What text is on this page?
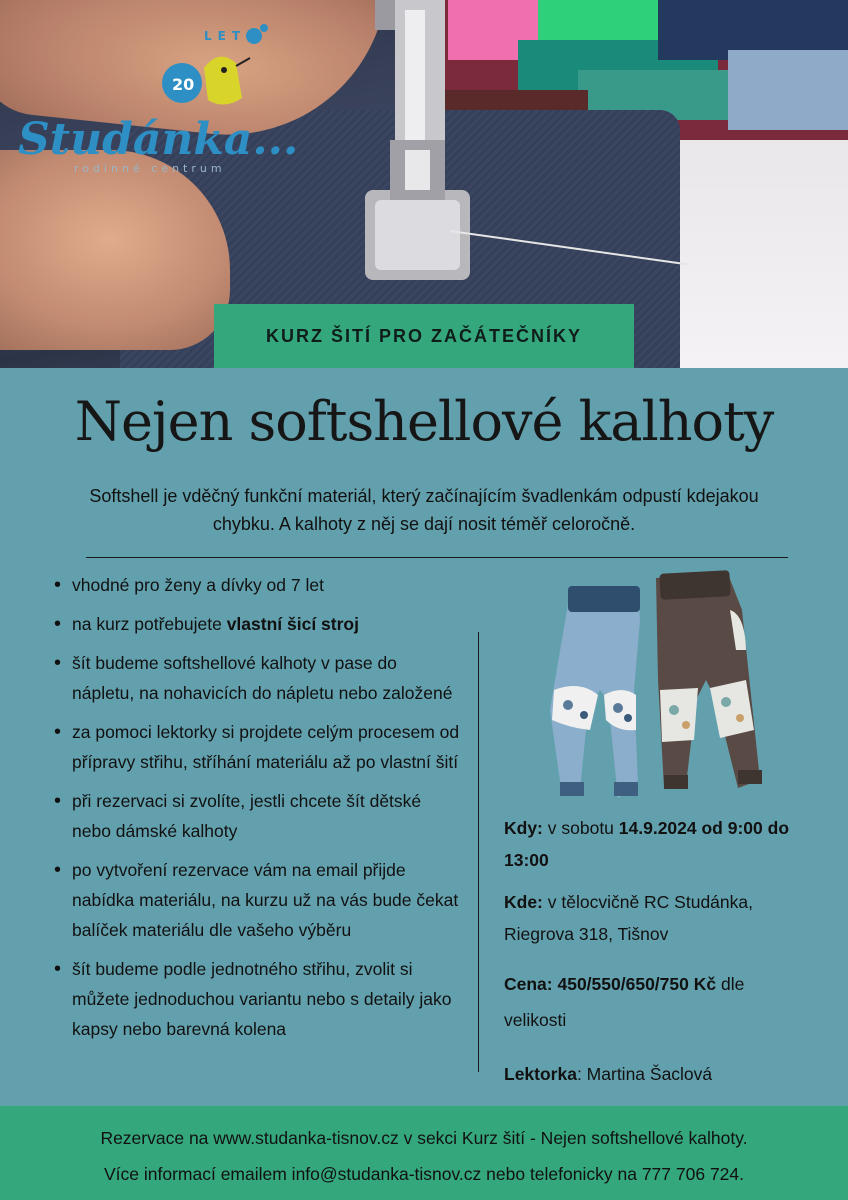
20
LET
Studánka...
rodinné centrum
KURZ ŠITÍ PRO ZAČÁTEČNÍKY
Nejen softshellové kalhoty

Softshell je vděčný funkční materiál, který začínajícím švadlenkám odpustí kdejakou chybku. A kalhoty z něj se dají nosit téměř celoročně.

• vhodné pro ženy a dívky od 7 let
• na kurz potřebujete vlastní šicí stroj
• šít budeme softshellové kalhoty v pase do nápletu, na nohavicích do nápletu nebo založené
• za pomoci lektorky si projdete celým procesem od přípravy střihu, stříhání materiálu až po vlastní šití
• při rezervaci si zvolíte, jestli chcete šít dětské nebo dámské kalhoty
• po vytvoření rezervace vám na email přijde nabídka materiálu, na kurzu už na vás bude čekat balíček materiálu dle vašeho výběru
• šít budeme podle jednotného střihu, zvolit si můžete jednoduchou variantu nebo s detaily jako kapsy nebo barevná kolena
Kdy: v sobotu 14.9.2024 od 9:00 do 13:00
Kde: v tělocvičně RC Studánka, Riegrova 318, Tišnov
Cena: 450/550/650/750 Kč dle velikosti
Lektorka: Martina Šaclová

Rezervace na www.studanka-tisnov.cz v sekci Kurz šití - Nejen softshellové kalhoty.

Více informací emailem info@studanka-tisnov.cz nebo telefonicky na 777 706 724.
